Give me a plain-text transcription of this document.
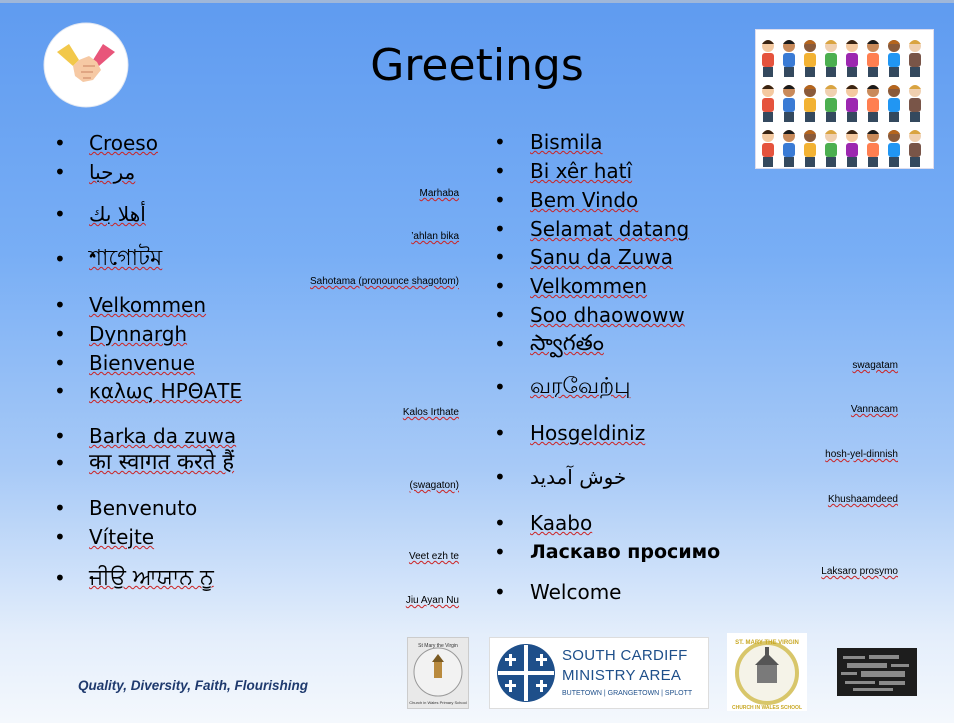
Greetings
• Croeso
• مرحبا
Marhaba
• أهلا بك
’ahlan bika
• শাগোটম
Sahotama (pronounce shagotom)
• Velkommen
• Dynnargh
• Bienvenue
• καλως ΗΡΘΑΤΕ
Kalos Irthate
• Barka da zuwa
• का स्वागत करते हैं
(swagaton)
• Benvenuto
• Vítejte
Veet ezh te
• ਜੀਉ ਆਯਾਨ ਨੂ
Jiu Ayan Nu
• Bismila
• Bi xêr hatî
• Bem Vindo
• Selamat datang
• Sanu da Zuwa
• Velkommen
• Soo dhaowoww
• స్వాగతం
swagatam
• வரவேற்பு
Vannacam
• Hosgeldiniz
hosh-yel-dinnish
• خوش آمدید
Khushaamdeed
• Kaabo
• Ласкаво просимо
Laksaro prosymo
• Welcome
Quality, Diversity, Faith, Flourishing
St Mary the Virgin
Church in Wales Primary School
SOUTH CARDIFF
MINISTRY AREA
BUTETOWN | GRANGETOWN | SPLOTT
ST. MARY THE VIRGIN
CHURCH IN WALES SCHOOL
